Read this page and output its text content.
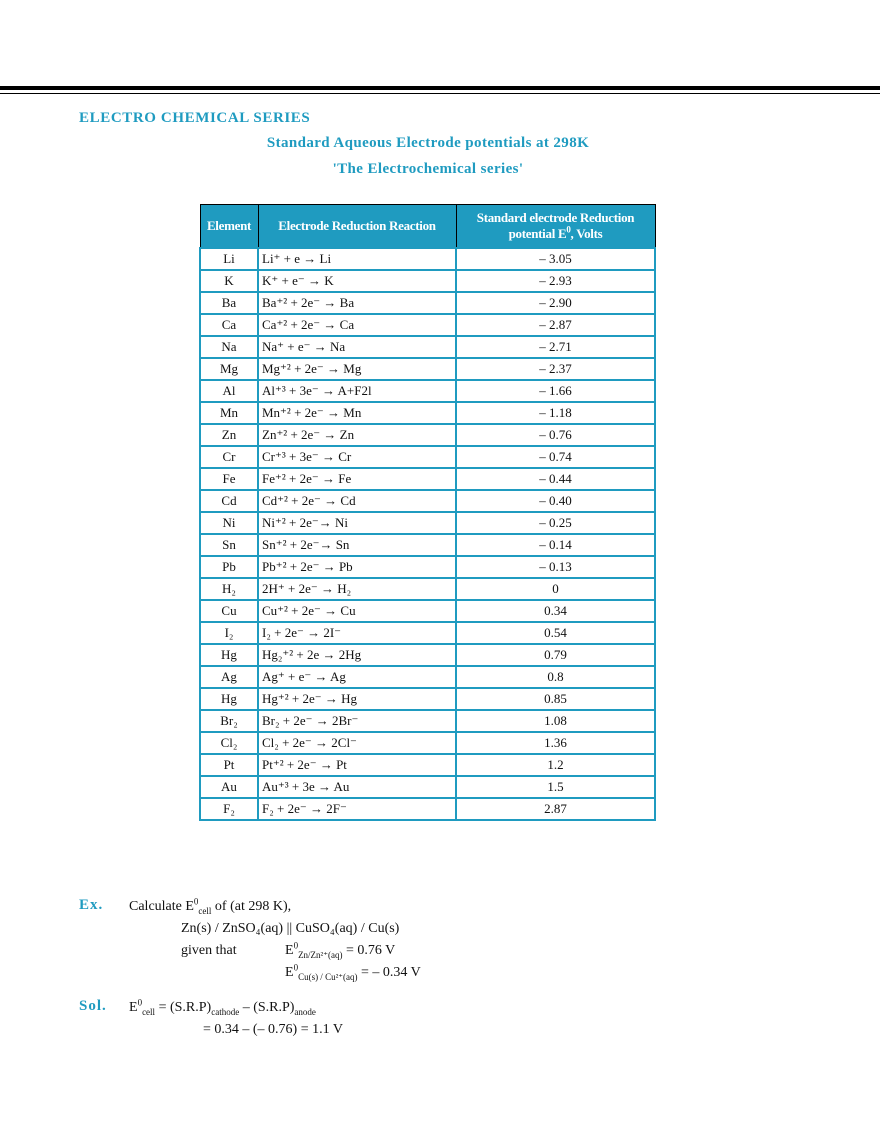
ELECTRO CHEMICAL SERIES
Standard Aqueous Electrode potentials at 298K
'The Electrochemical series'
Element	Electrode Reduction Reaction	Standard electrode Reduction
potential $E^0$, Volts

Li	Li⁺ + e → Li	– 3.05
K	K⁺ + e⁻ → K	– 2.93
Ba	Ba⁺² + 2e⁻ → Ba	– 2.90
Ca	Ca⁺² + 2e⁻ → Ca	– 2.87
Na	Na⁺ + e⁻ → Na	– 2.71
Mg	Mg⁺² + 2e⁻ → Mg	– 2.37
Al	Al⁺³ + 3e⁻ → A+F2l	– 1.66
Mn	Mn⁺² + 2e⁻ → Mn	– 1.18
Zn	Zn⁺² + 2e⁻ → Zn	– 0.76
Cr	Cr⁺³ + 3e⁻ → Cr	– 0.74
Fe	Fe⁺² + 2e⁻ → Fe	– 0.44
Cd	Cd⁺² + 2e⁻ → Cd	– 0.40
Ni	Ni⁺² + 2e⁻→ Ni	– 0.25
Sn	Sn⁺² + 2e⁻→ Sn	– 0.14
Pb	Pb⁺² + 2e⁻ → Pb	– 0.13
H₂	2H⁺ + 2e⁻ → H₂	0
Cu	Cu⁺² + 2e⁻ → Cu	0.34
I₂	I₂ + 2e⁻ → 2I⁻	0.54
Hg	Hg₂⁺² + 2e → 2Hg	0.79
Ag	Ag⁺ + e⁻ → Ag	0.8
Hg	Hg⁺² + 2e⁻ → Hg	0.85
Br₂	Br₂ + 2e⁻ → 2Br⁻	1.08
Cl₂	Cl₂ + 2e⁻ → 2Cl⁻	1.36
Pt	Pt⁺² + 2e⁻ → Pt	1.2
Au	Au⁺³ + 3e → Au	1.5
F₂	F₂ + 2e⁻ → 2F⁻	2.87
Ex. Calculate $E^0_{cell}$ of (at 298 K),
Zn(s) / ZnSO₄(aq) || CuSO₄(aq) / Cu(s)
given that	$E^0_{Zn/Zn^{2+}(aq)} = 0.76$ V
$E^0_{Cu(s) / Cu^{2+}(aq)}$ = – 0.34 V
Sol. $E^0_{cell} = (S.R.P)_{cathode} - (S.R.P)_{anode}$
= 0.34 – (– 0.76) = 1.1 V
